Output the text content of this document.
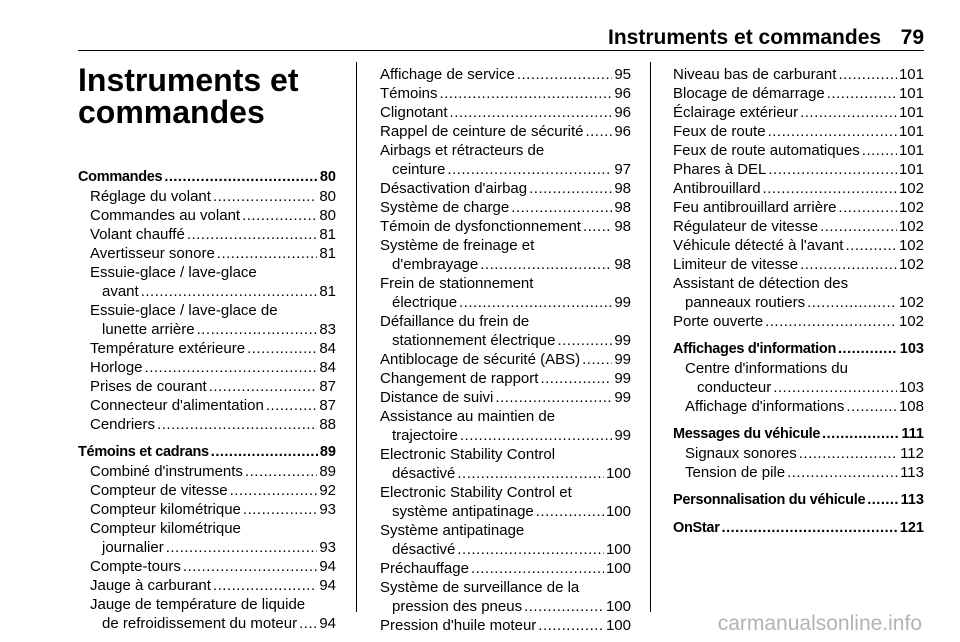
Instruments et commandes 79
Instruments et
commandes
Commandes .....	80
Réglage du volant .....	80
Commandes au volant .....	80
Volant chauffé .....	81
Avertisseur sonore .....	81
Essuie-glace / lave-glace
avant .....	81
Essuie-glace / lave-glace de
lunette arrière .....	83
Température extérieure .....	84
Horloge .....	84
Prises de courant .....	87
Connecteur d'alimentation .....	87
Cendriers .....	88
Témoins et cadrans .....	89
Combiné d'instruments .....	89
Compteur de vitesse .....	92
Compteur kilométrique .....	93
Compteur kilométrique
journalier .....	93
Compte-tours .....	94
Jauge à carburant .....	94
Jauge de température de liquide
de refroidissement du moteur ..... 94
Affichage de service .....	95
Témoins .....	96
Clignotant .....	96
Rappel de ceinture de sécurité ..... 96
Airbags et rétracteurs de
ceinture .....	97
Désactivation d'airbag .....	98
Système de charge .....	98
Témoin de dysfonctionnement ..... 98
Système de freinage et
d'embrayage .....	98
Frein de stationnement
électrique .....	99
Défaillance du frein de
stationnement électrique .....	99
Antiblocage de sécurité (ABS) ..... 99
Changement de rapport .....	99
Distance de suivi .....	99
Assistance au maintien de
trajectoire .....	99
Electronic Stability Control
désactivé .....	100
Electronic Stability Control et
système antipatinage .....	100
Système antipatinage
désactivé .....	100
Préchauffage .....	100
Système de surveillance de la
pression des pneus .....	100
Pression d'huile moteur .....	100
Niveau bas de carburant .....	101
Blocage de démarrage .....	101
Éclairage extérieur .....	101
Feux de route .....	101
Feux de route automatiques .....	101
Phares à DEL .....	101
Antibrouillard .....	102
Feu antibrouillard arrière .....	102
Régulateur de vitesse .....	102
Véhicule détecté à l'avant .....	102
Limiteur de vitesse .....	102
Assistant de détection des
panneaux routiers .....	102
Porte ouverte .....	102
Affichages d'information .....	103
Centre d'informations du
conducteur .....	103
Affichage d'informations .....	108
Messages du véhicule .....	111
Signaux sonores .....	112
Tension de pile .....	113
Personnalisation du véhicule ..... 113
OnStar .....	121
carmanualsonline.info
